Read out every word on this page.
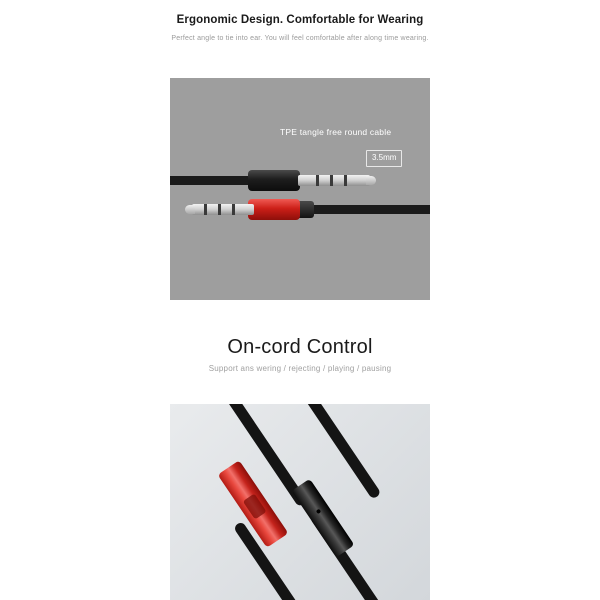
Ergonomic Design. Comfortable for Wearing
Perfect angle to tie into ear. You will feel comfortable after along time wearing.
TPE tangle free round cable
3.5mm
On-cord Control
Support ans wering / rejecting / playing / pausing
